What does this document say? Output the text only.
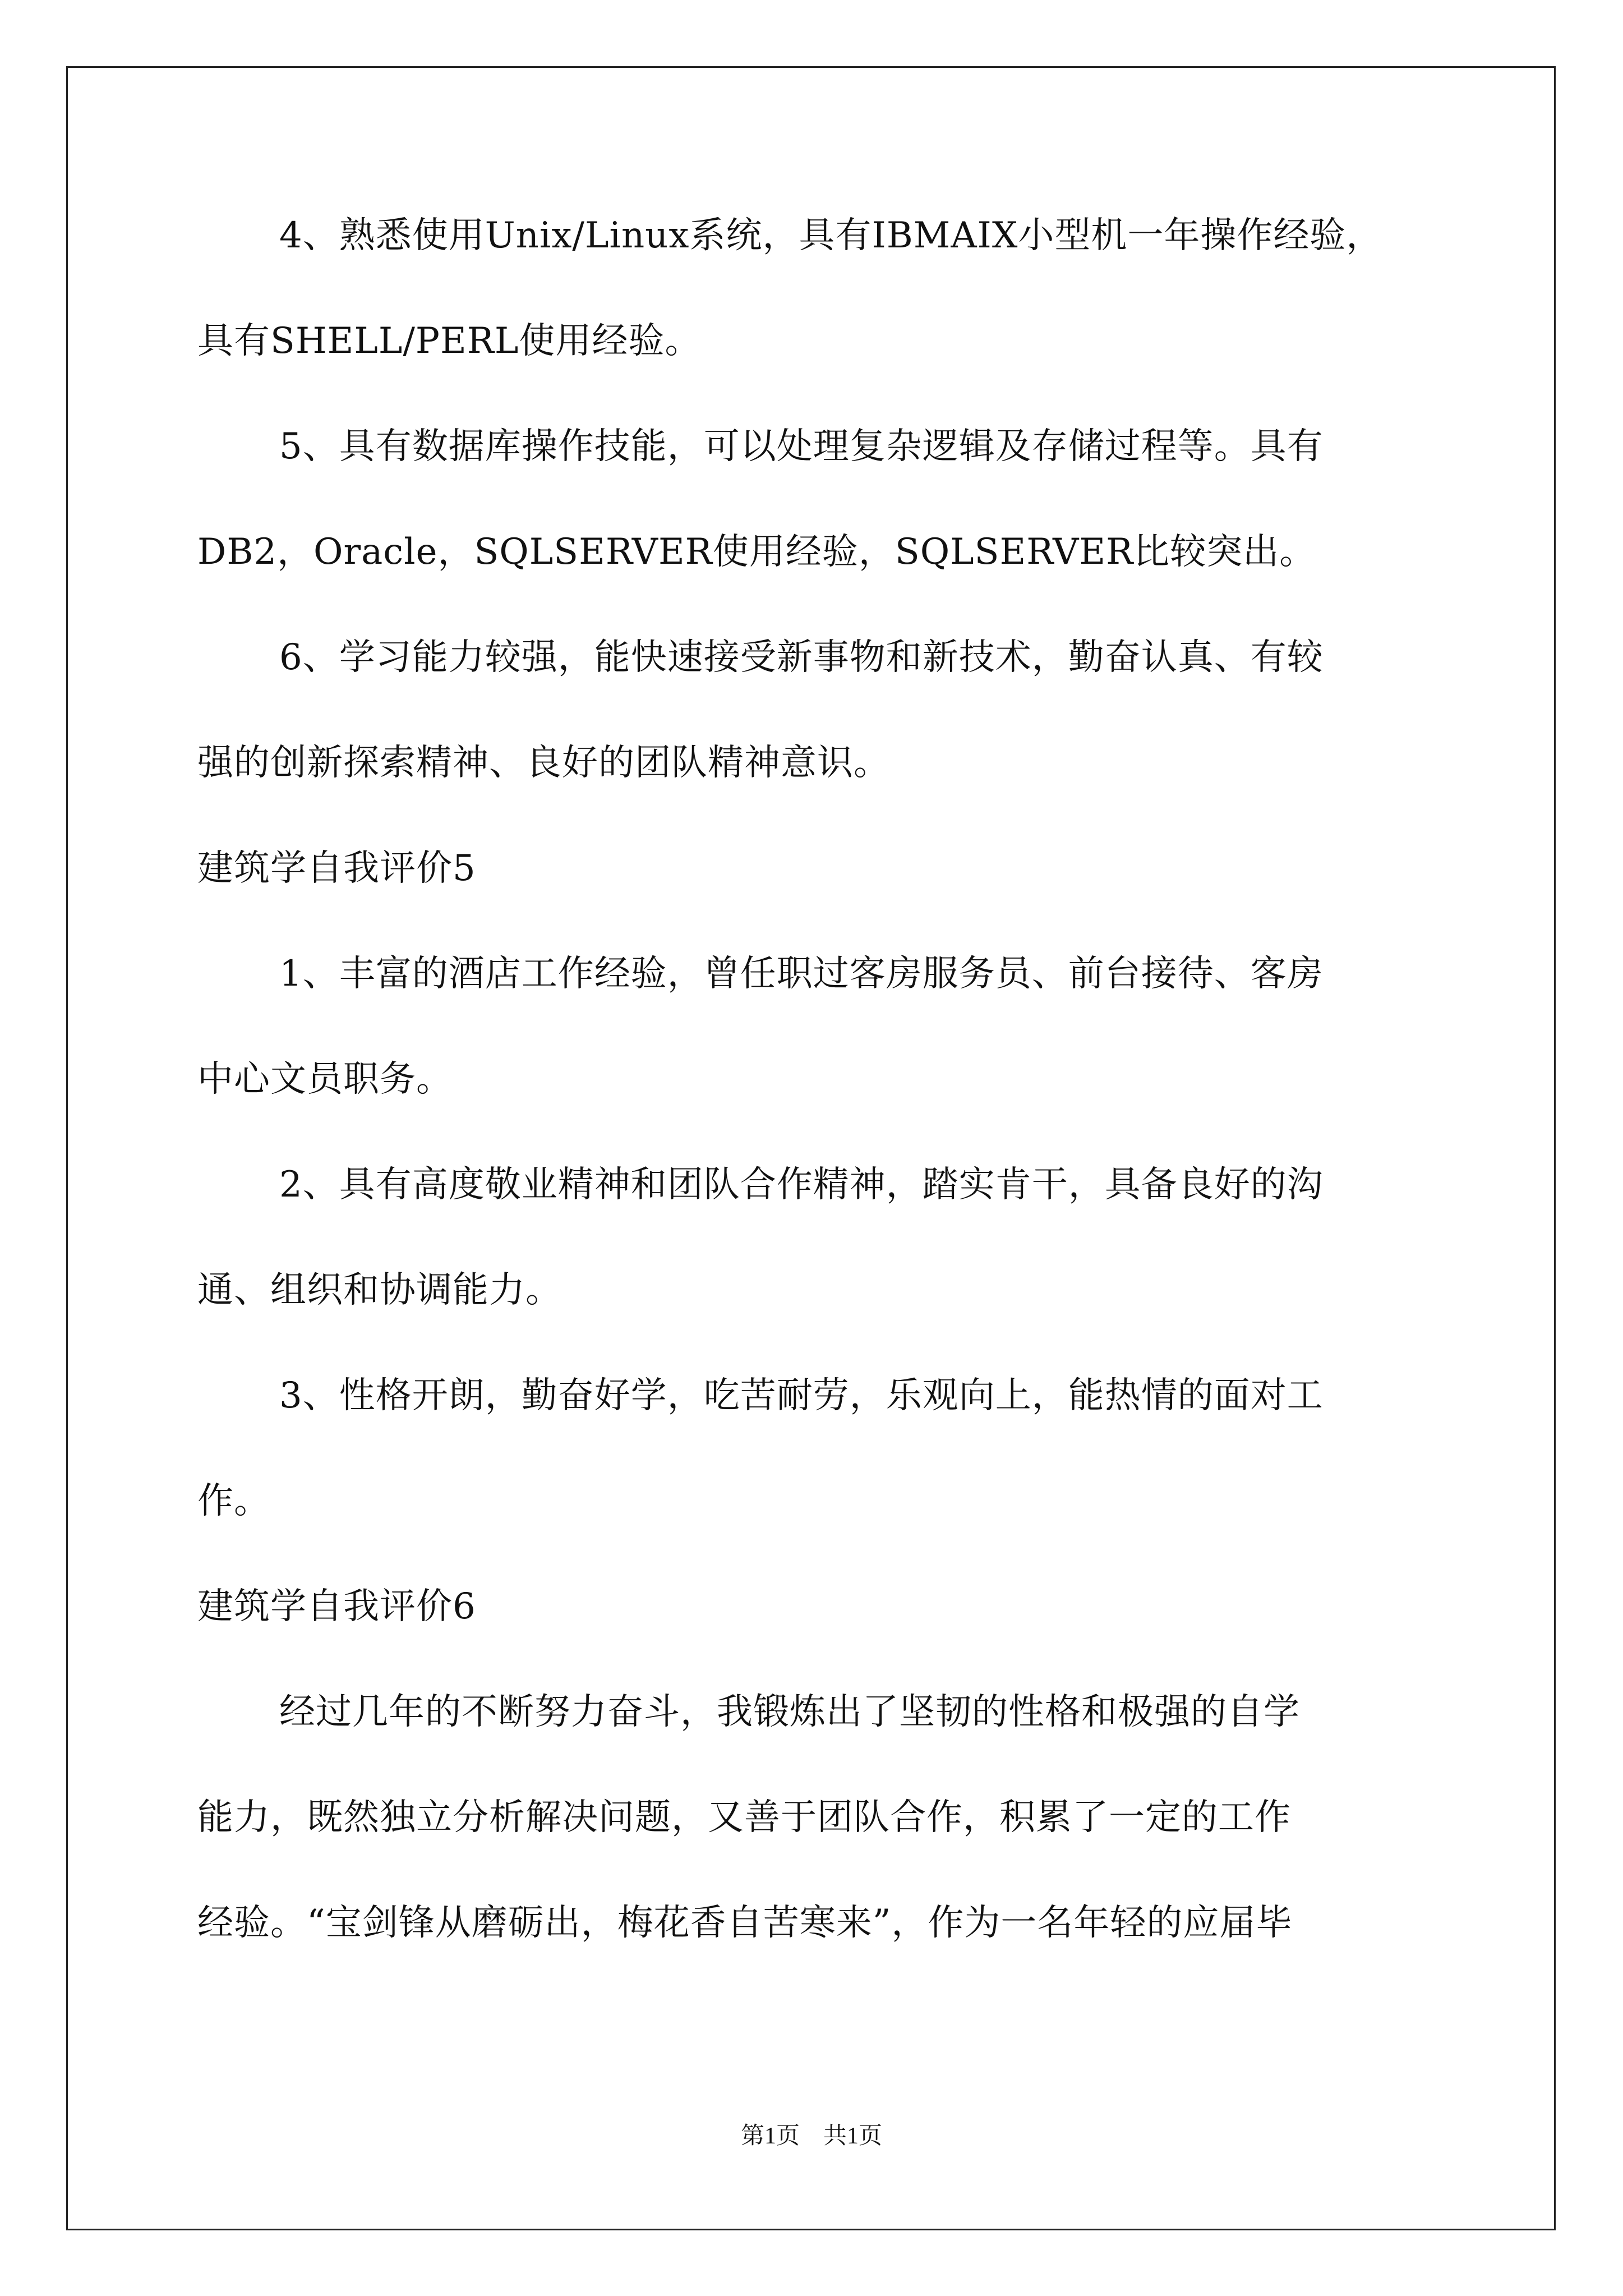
4、熟悉使用Unix/Linux系统，具有IBMAIX小型机一年操作经验，
具有SHELL/PERL使用经验。
5、具有数据库操作技能，可以处理复杂逻辑及存储过程等。具有
DB2，Oracle，SQLSERVER使用经验，SQLSERVER比较突出。
6、学习能力较强，能快速接受新事物和新技术，勤奋认真、有较
强的创新探索精神、良好的团队精神意识。
建筑学自我评价5
1、丰富的酒店工作经验，曾任职过客房服务员、前台接待、客房
中心文员职务。
2、具有高度敬业精神和团队合作精神，踏实肯干，具备良好的沟
通、组织和协调能力。
3、性格开朗，勤奋好学，吃苦耐劳，乐观向上，能热情的面对工
作。
建筑学自我评价6
经过几年的不断努力奋斗，我锻炼出了坚韧的性格和极强的自学
能力，既然独立分析解决问题，又善于团队合作，积累了一定的工作
经验。“宝剑锋从磨砺出，梅花香自苦寒来”，作为一名年轻的应届毕
第1页　共1页
